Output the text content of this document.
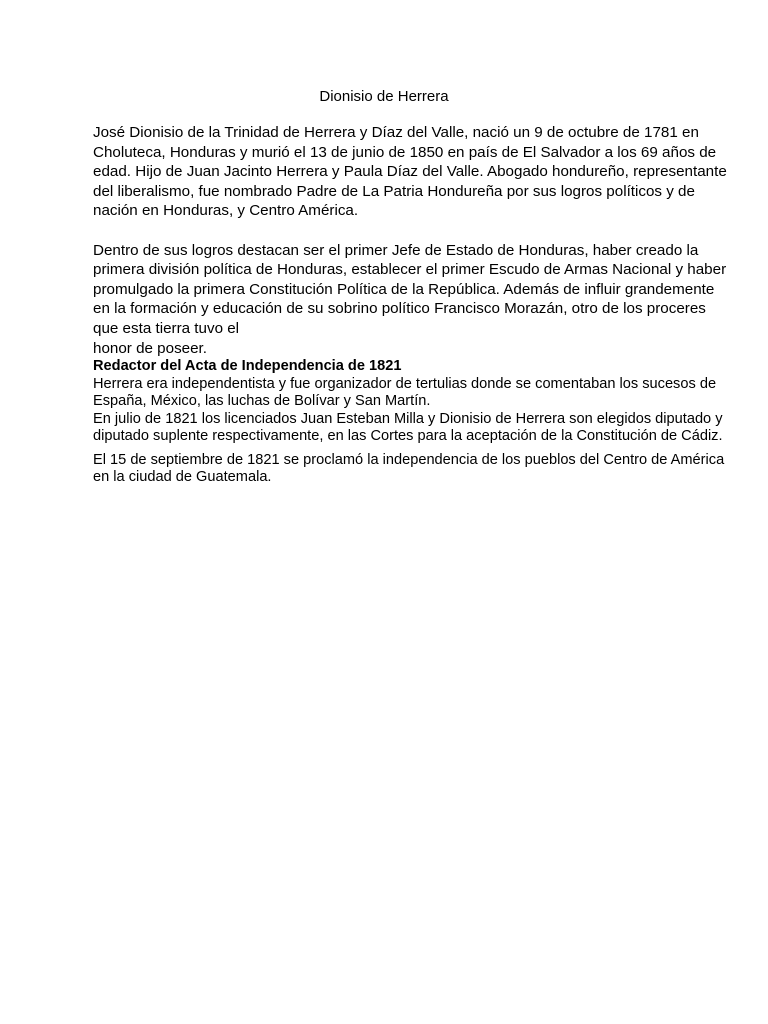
Dionisio de Herrera

José Dionisio de la Trinidad de Herrera y Díaz del Valle, nació un 9 de octubre de 1781 en Choluteca, Honduras y murió el 13 de junio de 1850 en país de El Salvador a los 69 años de edad. Hijo de Juan Jacinto Herrera y Paula Díaz del Valle. Abogado hondureño, representante del liberalismo, fue nombrado Padre de La Patria Hondureña por sus logros políticos y de nación en Honduras, y Centro América.

Dentro de sus logros destacan ser el primer Jefe de Estado de Honduras, haber creado la primera división política de Honduras, establecer el primer Escudo de Armas Nacional y haber promulgado la primera Constitución Política de la República. Además de influir grandemente en la formación y educación de su sobrino político Francisco Morazán, otro de los proceres que esta tierra tuvo el

honor de poseer.

Redactor del Acta de Independencia de 1821

Herrera era independentista y fue organizador de tertulias donde se comentaban los sucesos de España, México, las luchas de Bolívar y San Martín.

En julio de 1821 los licenciados Juan Esteban Milla y Dionisio de Herrera son elegidos diputado y diputado suplente respectivamente, en las Cortes para la aceptación de la Constitución de Cádiz.

El 15 de septiembre de 1821 se proclamó la independencia de los pueblos del Centro de América en la ciudad de Guatemala.
